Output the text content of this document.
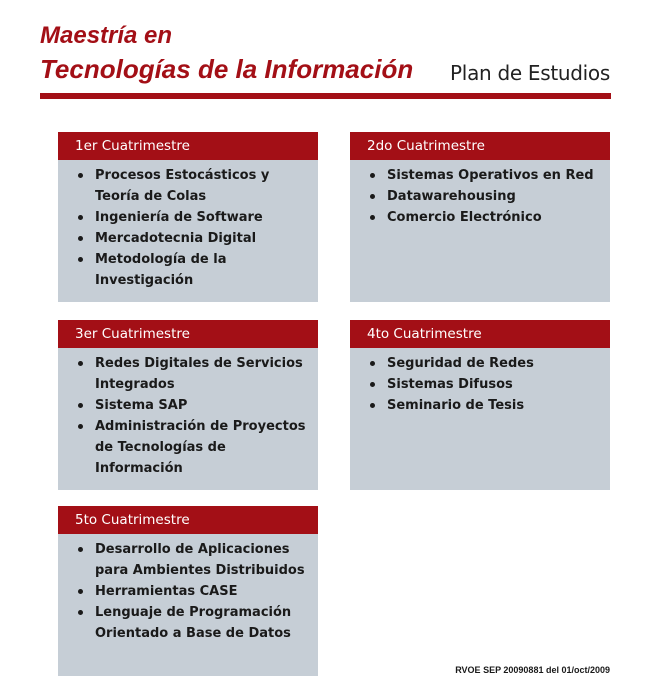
Maestría en
Tecnologías de la Información Plan de Estudios
1er Cuatrimestre
Procesos Estocásticos y Teoría de Colas
Ingeniería de Software
Mercadotecnia Digital
Metodología de la Investigación
2do Cuatrimestre
Sistemas Operativos en Red
Datawarehousing
Comercio Electrónico
3er Cuatrimestre
Redes Digitales de Servicios Integrados
Sistema SAP
Administración de Proyectos de Tecnologías de Información
4to Cuatrimestre
Seguridad de Redes
Sistemas Difusos
Seminario de Tesis
5to Cuatrimestre
Desarrollo de Aplicaciones para Ambientes Distribuidos
Herramientas CASE
Lenguaje de Programación Orientado a Base de Datos

RVOE SEP 20090881 del 01/oct/2009
